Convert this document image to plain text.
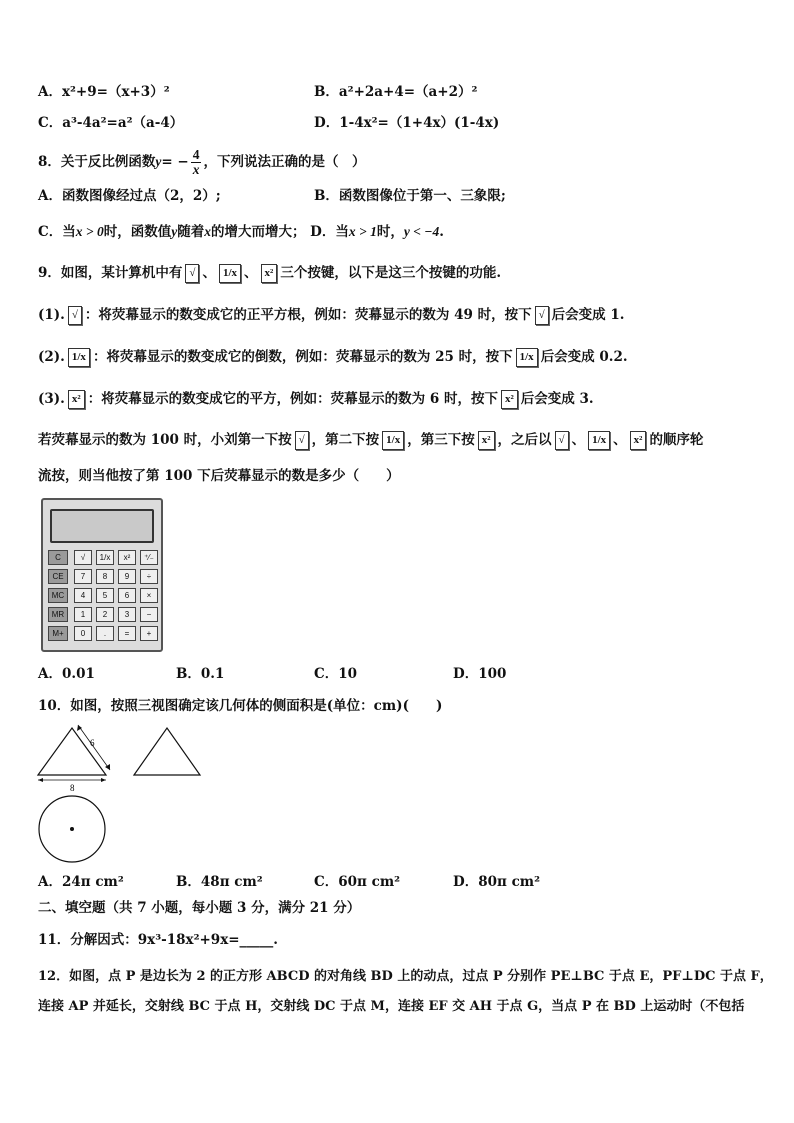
A．x²+9=（x+3）²	B．a²+2a+4=（a+2）²
C．a³-4a²=a²（a-4）	D．1-4x²=（1+4x）(1-4x)
8．关于反比例函数$y= - \frac{4}{x}$ ，下列说法正确的是（　）
A．函数图像经过点（2，2）;	B．函数图像位于第一、三象限;
C．当x > 0时，函数值y随着x的增大而增大； D．当x > 1时，y < −4.
9．如图，某计算机中有 √ 、 1/x 、 x² 三个按键，以下是这三个按键的功能.
(1). √ ：将荧幕显示的数变成它的正平方根，例如：荧幕显示的数为 49 时，按下 √ 后会变成 1.
(2). 1/x ：将荧幕显示的数变成它的倒数，例如：荧幕显示的数为 25 时，按下 1/x 后会变成 0.2.
(3). x² ：将荧幕显示的数变成它的平方，例如：荧幕显示的数为 6 时，按下 x² 后会变成 3.
若荧幕显示的数为 100 时，小刘第一下按 √ ，第二下按 1/x ，第三下按 x² ，之后以 √ 、 1/x 、 x² 的顺序轮
流按，则当他按了第 100 下后荧幕显示的数是多少（　　）
C	√	1/x	x²	⁺⁄₋
CE	7	8	9	÷
MC	4	5	6	×
MR	1	2	3	−
M+	0	.	=	+
A．0.01	B．0.1	C．10	D．100
10．如图，按照三视图确定该几何体的侧面积是(单位：cm)(　　)
6
8
A．24π cm²	B．48π cm²	C．60π cm²	D．80π cm²
二、填空题（共 7 小题，每小题 3 分，满分 21 分）
11．分解因式：9x³-18x²+9x=_____.
12．如图，点 P 是边长为 2 的正方形 ABCD 的对角线 BD 上的动点，过点 P 分别作 PE⊥BC 于点 E，PF⊥DC 于点 F，
连接 AP 并延长，交射线 BC 于点 H，交射线 DC 于点 M，连接 EF 交 AH 于点 G，当点 P 在 BD 上运动时（不包括
